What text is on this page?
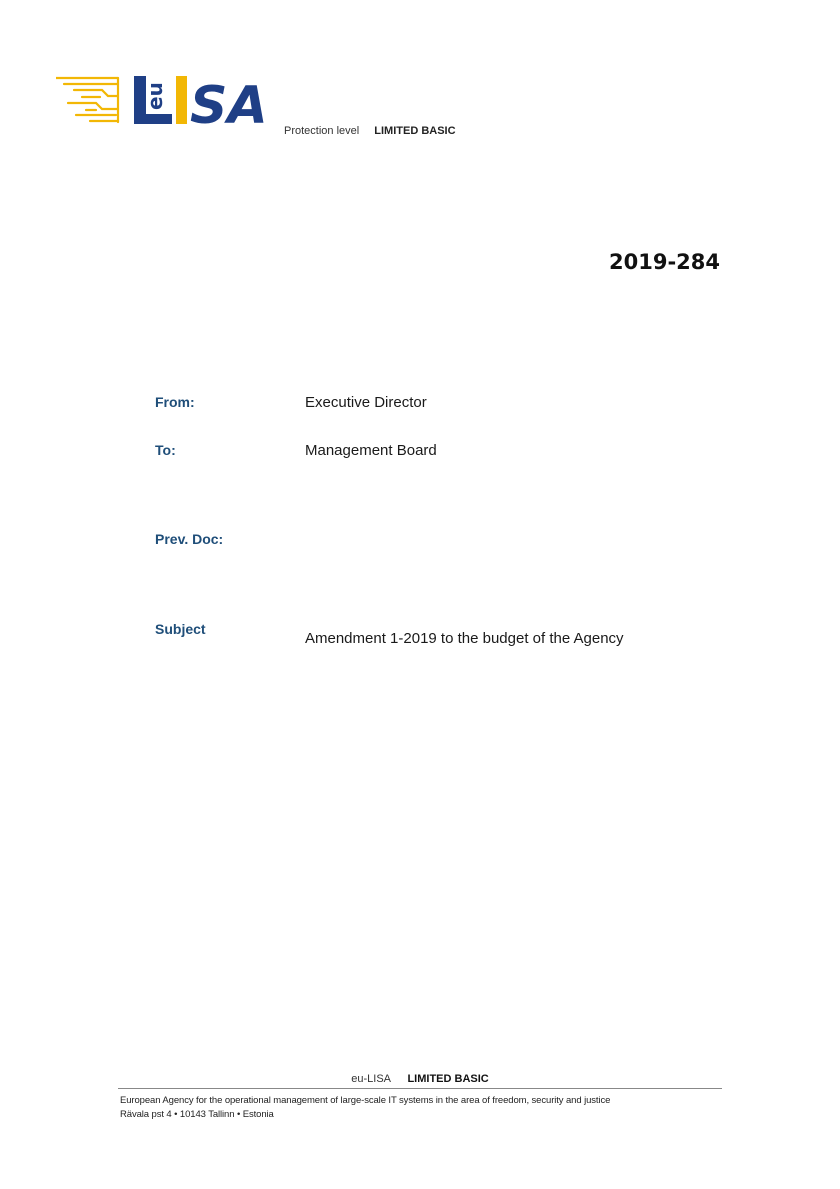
eu SA Protection level LIMITED BASIC
2019-284
From:	Executive Director
To:	Management Board
Prev. Doc:
Subject
Amendment 1-2019 to the budget of the Agency
eu-LISA LIMITED BASIC
European Agency for the operational management of large-scale IT systems in the area of freedom, security and justice
Rävala pst 4 • 10143 Tallinn • Estonia
